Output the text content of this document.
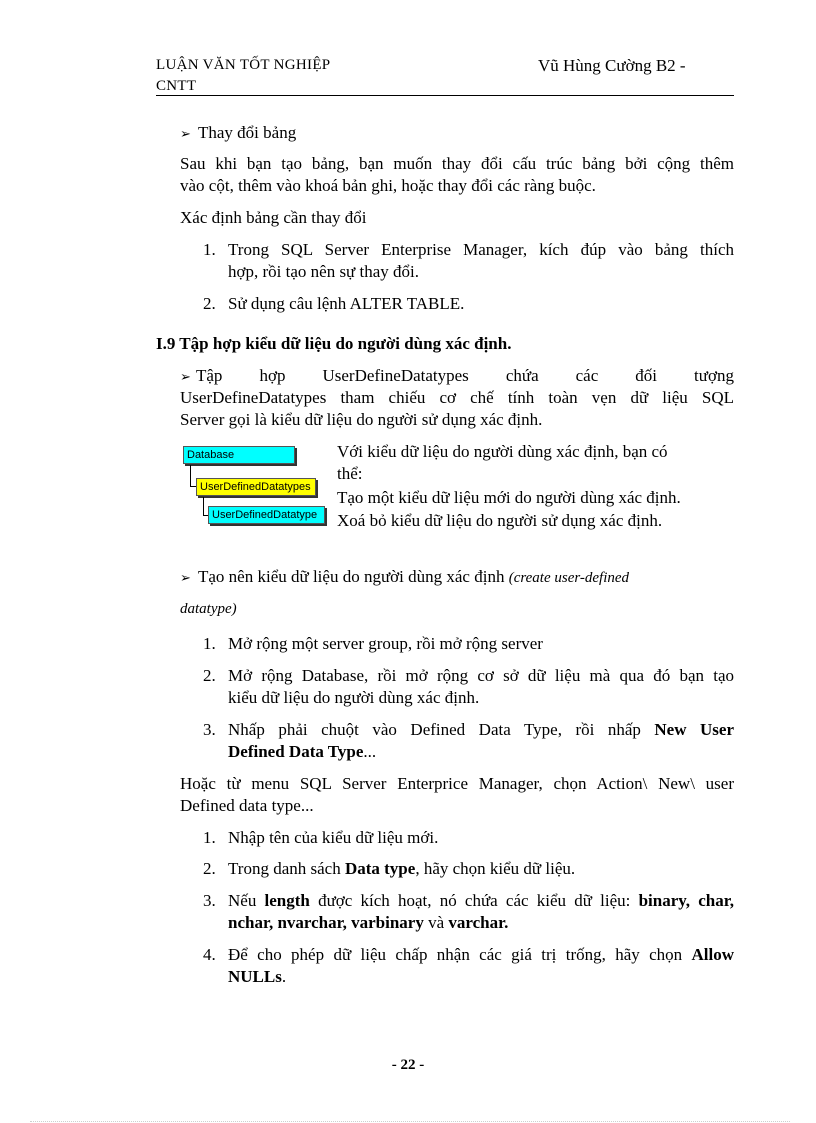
LUẬN VĂN TỐT NGHIỆP
CNTT
Vũ Hùng Cường B2 -
➢ Thay đổi bảng
Sau khi bạn tạo bảng, bạn muốn thay đổi cấu trúc bảng bởi cộng thêm
vào cột, thêm vào khoá bản ghi, hoặc thay đổi các ràng buộc.
Xác định bảng cần thay đổi
1. Trong SQL Server Enterprise Manager, kích đúp vào bảng thích
hợp, rồi tạo nên sự thay đổi.
2. Sử dụng câu lệnh ALTER TABLE.
I.9 Tập hợp kiểu dữ liệu do người dùng xác định.
➢ Tập hợp UserDefineDatatypes chứa các đối tượng
UserDefineDatatypes tham chiếu cơ chế tính toàn vẹn dữ liệu SQL
Server gọi là kiểu dữ liệu do người sử dụng xác định.
Database
UserDefinedDatatypes
UserDefinedDatatype
Với kiểu dữ liệu do người dùng xác định, bạn có
thể:
Tạo một kiểu dữ liệu mới do người dùng xác định.
Xoá bỏ kiểu dữ liệu do người sử dụng xác định.
➢ Tạo nên kiểu dữ liệu do người dùng xác định (create user-defined
datatype)
1. Mở rộng một server group, rồi mở rộng server
2. Mở rộng Database, rồi mở rộng cơ sở dữ liệu mà qua đó bạn tạo
kiểu dữ liệu do người dùng xác định.
3. Nhấp phải chuột vào Defined Data Type, rồi nhấp New User
Defined Data Type...
Hoặc từ menu SQL Server Enterprice Manager, chọn Action\ New\ user
Defined data type...
1. Nhập tên của kiểu dữ liệu mới.
2. Trong danh sách Data type, hãy chọn kiểu dữ liệu.
3. Nếu length được kích hoạt, nó chứa các kiểu dữ liệu: binary, char,
nchar, nvarchar, varbinary và varchar.
4. Để cho phép dữ liệu chấp nhận các giá trị trống, hãy chọn Allow
NULLs.
- 22 -
